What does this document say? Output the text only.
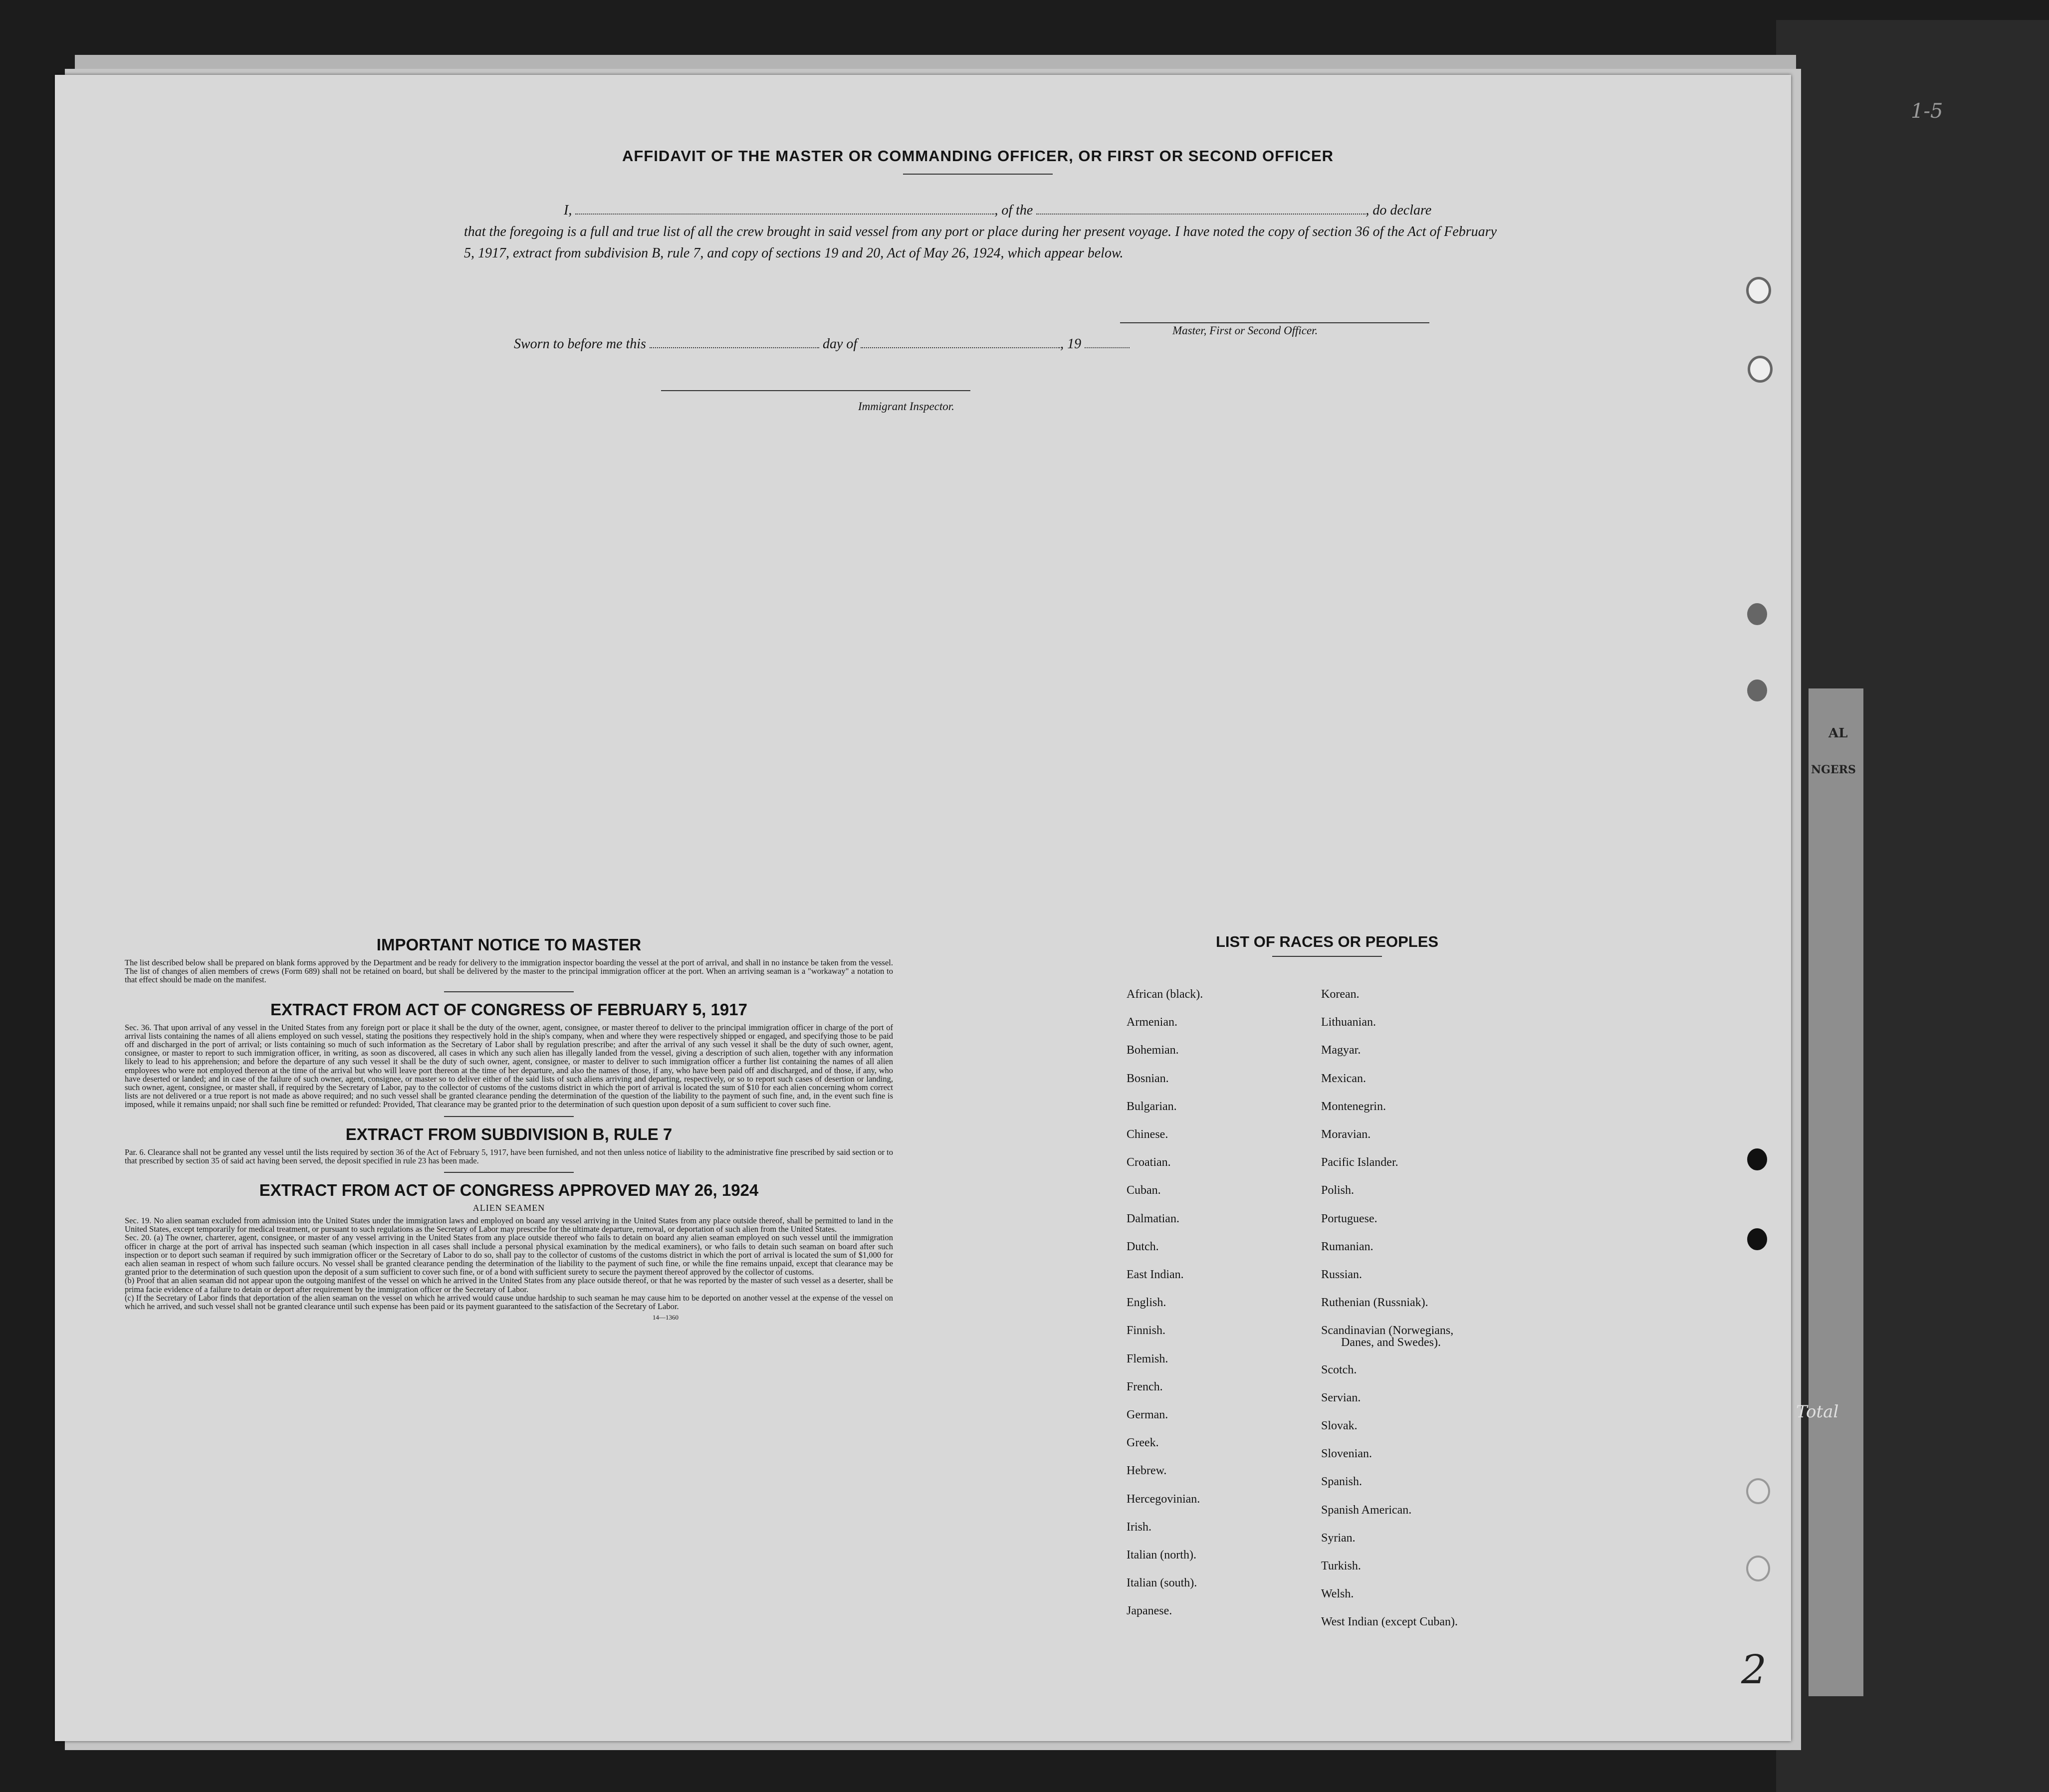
AL
NGERS
Total
1-5
AFFIDAVIT OF THE MASTER OR COMMANDING OFFICER, OR FIRST OR SECOND OFFICER
I,	, of the	, do declare

that the foregoing is a full and true list of all the crew brought in said vessel from any port or place during her present voyage. I have noted the copy of section 36 of the Act of February 5, 1917, extract from subdivision B, rule 7, and copy of sections 19 and 20, Act of May 26, 1924, which appear below.

Master, First or Second Officer.
Sworn to before me this	day of	, 19
Immigrant Inspector.
IMPORTANT NOTICE TO MASTER

The list described below shall be prepared on blank forms approved by the Department and be ready for delivery to the immigration inspector boarding the vessel at the port of arrival, and shall in no instance be taken from the vessel. The list of changes of alien members of crews (Form 689) shall not be retained on board, but shall be delivered by the master to the principal immigration officer at the port. When an arriving seaman is a "workaway" a notation to that effect should be made on the manifest.

EXTRACT FROM ACT OF CONGRESS OF FEBRUARY 5, 1917

Sec. 36. That upon arrival of any vessel in the United States from any foreign port or place it shall be the duty of the owner, agent, consignee, or master thereof to deliver to the principal immigration officer in charge of the port of arrival lists containing the names of all aliens employed on such vessel, stating the positions they respectively hold in the ship's company, when and where they were respectively shipped or engaged, and specifying those to be paid off and discharged in the port of arrival; or lists containing so much of such information as the Secretary of Labor shall by regulation prescribe; and after the arrival of any such vessel it shall be the duty of such owner, agent, consignee, or master to report to such immigration officer, in writing, as soon as discovered, all cases in which any such alien has illegally landed from the vessel, giving a description of such alien, together with any information likely to lead to his apprehension; and before the departure of any such vessel it shall be the duty of such owner, agent, consignee, or master to deliver to such immigration officer a further list containing the names of all alien employees who were not employed thereon at the time of the arrival but who will leave port thereon at the time of her departure, and also the names of those, if any, who have been paid off and discharged, and of those, if any, who have deserted or landed; and in case of the failure of such owner, agent, consignee, or master so to deliver either of the said lists of such aliens arriving and departing, respectively, or so to report such cases of desertion or landing, such owner, agent, consignee, or master shall, if required by the Secretary of Labor, pay to the collector of customs of the customs district in which the port of arrival is located the sum of $10 for each alien concerning whom correct lists are not delivered or a true report is not made as above required; and no such vessel shall be granted clearance pending the determination of the question of the liability to the payment of such fine, and, in the event such fine is imposed, while it remains unpaid; nor shall such fine be remitted or refunded: Provided, That clearance may be granted prior to the determination of such question upon deposit of a sum sufficient to cover such fine.

EXTRACT FROM SUBDIVISION B, RULE 7

Par. 6. Clearance shall not be granted any vessel until the lists required by section 36 of the Act of February 5, 1917, have been furnished, and not then unless notice of liability to the administrative fine prescribed by said section or to that prescribed by section 35 of said act having been served, the deposit specified in rule 23 has been made.

EXTRACT FROM ACT OF CONGRESS APPROVED MAY 26, 1924
ALIEN SEAMEN

Sec. 19. No alien seaman excluded from admission into the United States under the immigration laws and employed on board any vessel arriving in the United States from any place outside thereof, shall be permitted to land in the United States, except temporarily for medical treatment, or pursuant to such regulations as the Secretary of Labor may prescribe for the ultimate departure, removal, or deportation of such alien from the United States.

Sec. 20. (a) The owner, charterer, agent, consignee, or master of any vessel arriving in the United States from any place outside thereof who fails to detain on board any alien seaman employed on such vessel until the immigration officer in charge at the port of arrival has inspected such seaman (which inspection in all cases shall include a personal physical examination by the medical examiners), or who fails to detain such seaman on board after such inspection or to deport such seaman if required by such immigration officer or the Secretary of Labor to do so, shall pay to the collector of customs of the customs district in which the port of arrival is located the sum of $1,000 for each alien seaman in respect of whom such failure occurs. No vessel shall be granted clearance pending the determination of the liability to the payment of such fine, or while the fine remains unpaid, except that clearance may be granted prior to the determination of such question upon the deposit of a sum sufficient to cover such fine, or of a bond with sufficient surety to secure the payment thereof approved by the collector of customs.

(b) Proof that an alien seaman did not appear upon the outgoing manifest of the vessel on which he arrived in the United States from any place outside thereof, or that he was reported by the master of such vessel as a deserter, shall be prima facie evidence of a failure to detain or deport after requirement by the immigration officer or the Secretary of Labor.

(c) If the Secretary of Labor finds that deportation of the alien seaman on the vessel on which he arrived would cause undue hardship to such seaman he may cause him to be deported on another vessel at the expense of the vessel on which he arrived, and such vessel shall not be granted clearance until such expense has been paid or its payment guaranteed to the satisfaction of the Secretary of Labor.

14—1360
LIST OF RACES OR PEOPLES
African (black).
Armenian.
Bohemian.
Bosnian.
Bulgarian.
Chinese.
Croatian.
Cuban.
Dalmatian.
Dutch.
East Indian.
English.
Finnish.
Flemish.
French.
German.
Greek.
Hebrew.
Hercegovinian.
Irish.
Italian (north).
Italian (south).
Japanese.
Korean.
Lithuanian.
Magyar.
Mexican.
Montenegrin.
Moravian.
Pacific Islander.
Polish.
Portuguese.
Rumanian.
Russian.
Ruthenian (Russniak).
Scandinavian (Norwegians,
Scotch.
Servian.
Slovak.
Slovenian.
Spanish.
Spanish American.
Syrian.
Turkish.
Welsh.
West Indian (except Cuban).
Danes, and Swedes).
2
